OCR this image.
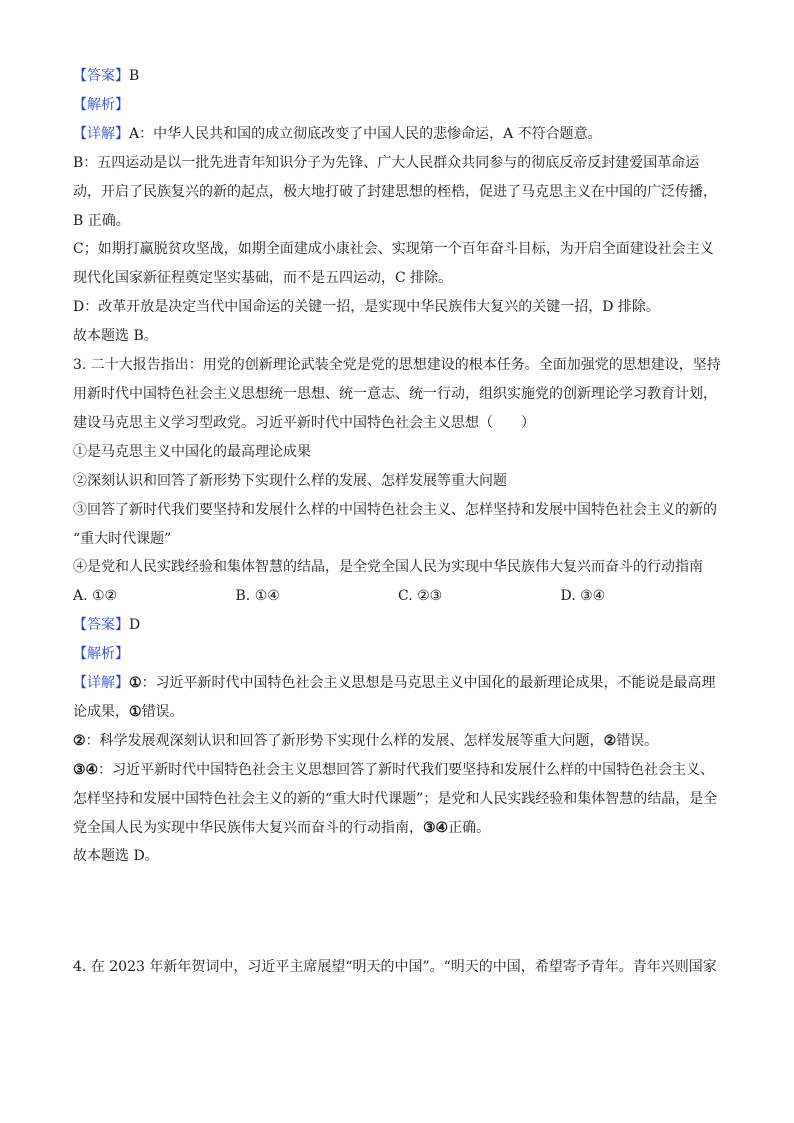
【答案】B

【解析】

【详解】A：中华人民共和国的成立彻底改变了中国人民的悲惨命运，A 不符合题意。

B：五四运动是以一批先进青年知识分子为先锋、广大人民群众共同参与的彻底反帝反封建爱国革命运

动，开启了民族复兴的新的起点，极大地打破了封建思想的桎梏，促进了马克思主义在中国的广泛传播，

B 正确。

C；如期打赢脱贫攻坚战，如期全面建成小康社会、实现第一个百年奋斗目标，为开启全面建设社会主义

现代化国家新征程奠定坚实基础，而不是五四运动，C 排除。

D：改革开放是决定当代中国命运的关键一招，是实现中华民族伟大复兴的关键一招，D 排除。

故本题选 B。

3. 二十大报告指出：用党的创新理论武装全党是党的思想建设的根本任务。全面加强党的思想建设，坚持

用新时代中国特色社会主义思想统一思想、统一意志、统一行动，组织实施党的创新理论学习教育计划，

建设马克思主义学习型政党。习近平新时代中国特色社会主义思想（　　）

①是马克思主义中国化的最高理论成果

②深刻认识和回答了新形势下实现什么样的发展、怎样发展等重大问题

③回答了新时代我们要坚持和发展什么样的中国特色社会主义、怎样坚持和发展中国特色社会主义的新的

“重大时代课题”

④是党和人民实践经验和集体智慧的结晶，是全党全国人民为实现中华民族伟大复兴而奋斗的行动指南

A. ①②	B. ①④	C. ②③	D. ③④

【答案】D

【解析】

【详解】①：习近平新时代中国特色社会主义思想是马克思主义中国化的最新理论成果，不能说是最高理

论成果，①错误。

②：科学发展观深刻认识和回答了新形势下实现什么样的发展、怎样发展等重大问题，②错误。

③④：习近平新时代中国特色社会主义思想回答了新时代我们要坚持和发展什么样的中国特色社会主义、

怎样坚持和发展中国特色社会主义的新的“重大时代课题”；是党和人民实践经验和集体智慧的结晶，是全

党全国人民为实现中华民族伟大复兴而奋斗的行动指南，③④正确。

故本题选 D。

4. 在 2023 年新年贺词中，习近平主席展望“明天的中国”。“明天的中国，希望寄予青年。青年兴则国家
